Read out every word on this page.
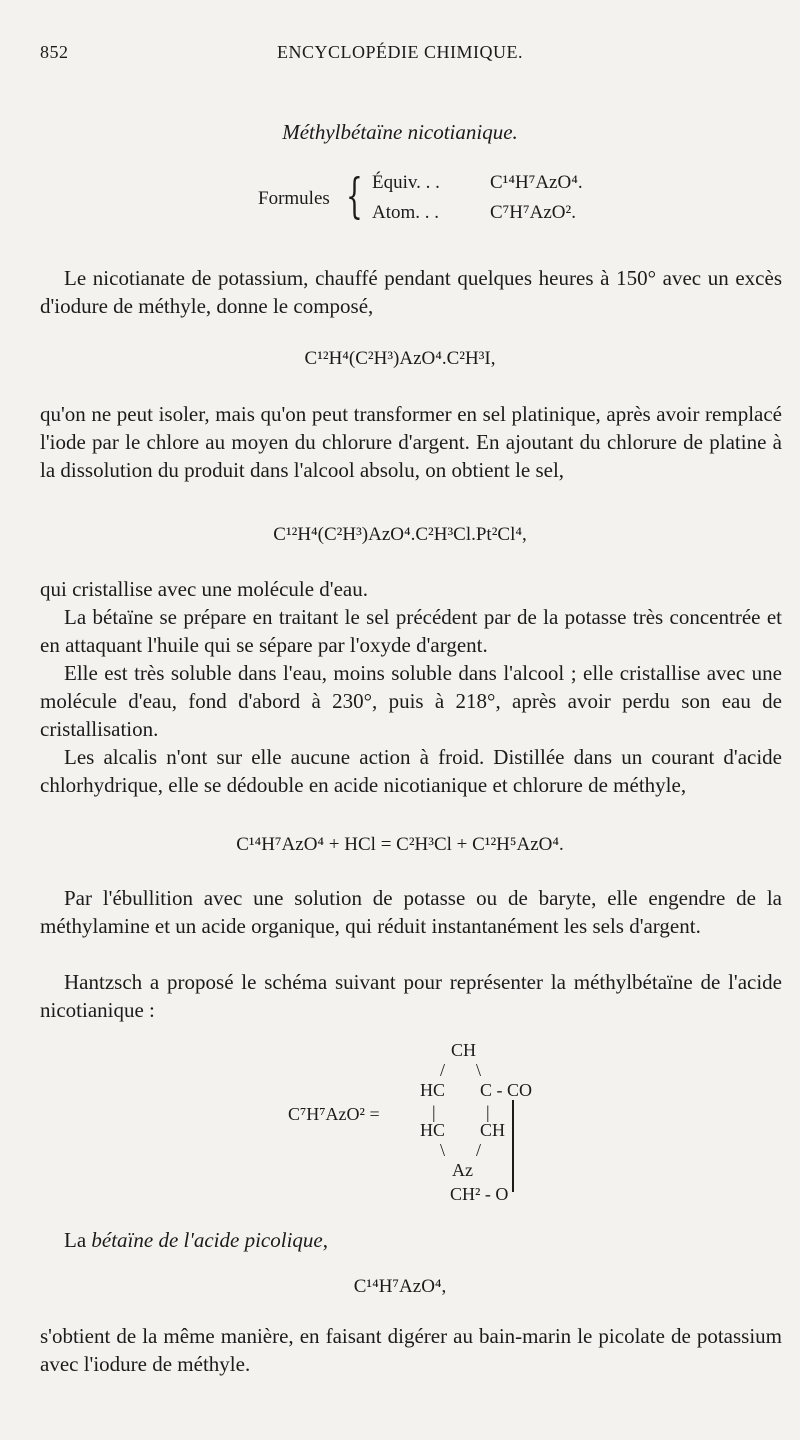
852	ENCYCLOPÉDIE CHIMIQUE.
Méthylbétaïne nicotianique.
Formules { Équiv. . .	C¹⁴H⁷AzO⁴.
Atom. . .	C⁷H⁷AzO².

Le nicotianate de potassium, chauffé pendant quelques heures à 150° avec un excès d'iodure de méthyle, donne le composé,

C¹²H⁴(C²H³)AzO⁴.C²H³I,

qu'on ne peut isoler, mais qu'on peut transformer en sel platinique, après avoir remplacé l'iode par le chlore au moyen du chlorure d'argent. En ajoutant du chlorure de platine à la dissolution du produit dans l'alcool absolu, on obtient le sel,

C¹²H⁴(C²H³)AzO⁴.C²H³Cl.Pt²Cl⁴,

qui cristallise avec une molécule d'eau.

La bétaïne se prépare en traitant le sel précédent par de la potasse très concentrée et en attaquant l'huile qui se sépare par l'oxyde d'argent.

Elle est très soluble dans l'eau, moins soluble dans l'alcool ; elle cristallise avec une molécule d'eau, fond d'abord à 230°, puis à 218°, après avoir perdu son eau de cristallisation.

Les alcalis n'ont sur elle aucune action à froid. Distillée dans un courant d'acide chlorhydrique, elle se dédouble en acide nicotianique et chlorure de méthyle,

C¹⁴H⁷AzO⁴ + HCl = C²H³Cl + C¹²H⁵AzO⁴.

Par l'ébullition avec une solution de potasse ou de baryte, elle engendre de la méthylamine et un acide organique, qui réduit instantanément les sels d'argent.

Hantzsch a proposé le schéma suivant pour représenter la méthylbétaïne de l'acide nicotianique :

C⁷H⁷AzO² =
CH
/ \
HC C - CO
|	|
HC CH
\ /
Az
CH² - O
La bétaïne de l'acide picolique,
C¹⁴H⁷AzO⁴,

s'obtient de la même manière, en faisant digérer au bain-marin le picolate de potassium avec l'iodure de méthyle.
